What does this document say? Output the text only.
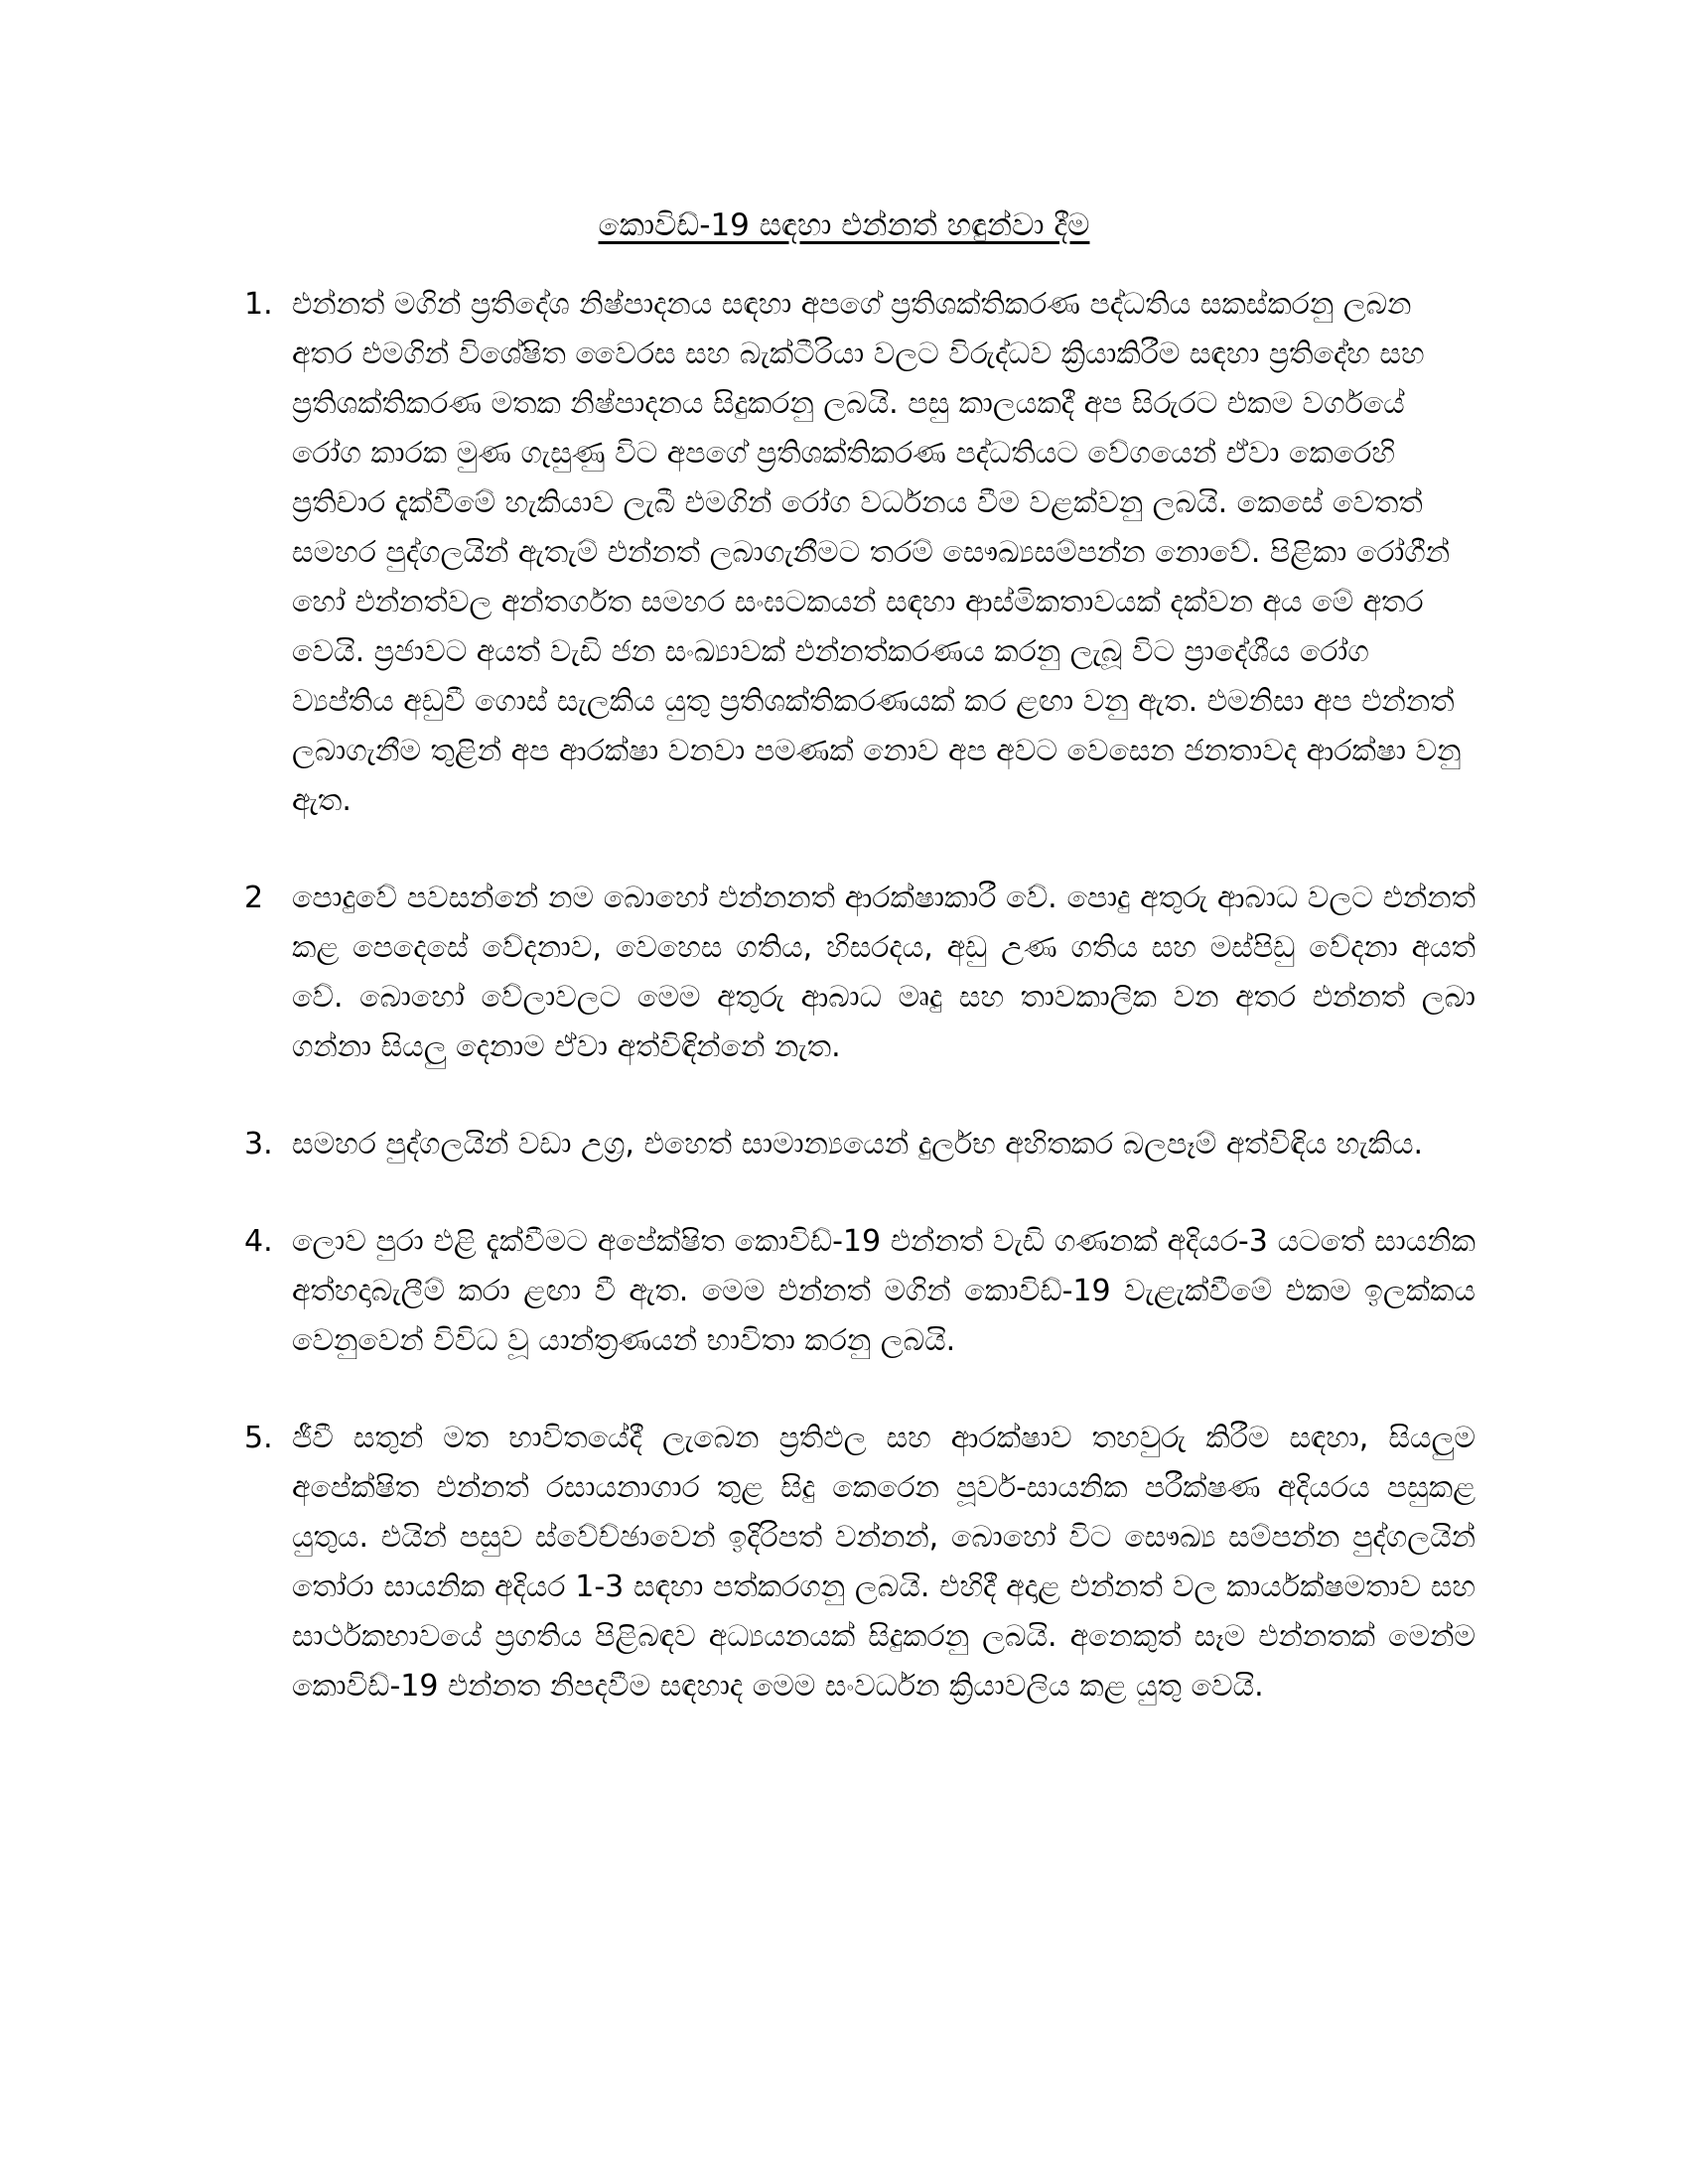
කොවිඩ්-19 සඳහා එන්නත් හඳුන්වා දීම
1. එන්නත් මගින් ප්‍රතිදේශ නිෂ්පාදනය සඳහා අපගේ ප්‍රතිශක්තිකරණ පද්ධතිය සකස්කරනු ලබන අතර එමගින් විශේෂිත වෛරස සහ බැක්ටීරියා වලට විරුද්ධව ක්‍රියාකිරීම සඳහා ප්‍රතිදේහ සහ ප්‍රතිශක්තිකරණ මතක නිෂ්පාදනය සිදුකරනු ලබයි. පසු කාලයකදී අප සිරුරට එකම වර්ගයේ රෝග කාරක මුණ ගැසුණු විට අපගේ ප්‍රතිශක්තිකරණ පද්ධතියට වේගයෙන් ඒවා කෙරෙහි ප්‍රතිචාර දැක්වීමේ හැකියාව ලැබී එමගින් රෝග වර්ධනය වීම වළක්වනු ලබයි. කෙසේ වෙතත් සමහර පුද්ගලයින් ඇතැම් එන්නත් ලබාගැනීමට තරම් සෞඛ්‍යසම්පන්න නොවේ. පිළිකා රෝගීන් හෝ එන්නත්වල අන්තර්ගත සමහර සංඝටකයන් සඳහා ආස්මිකතාවයක් දක්වන අය මේ අතර වෙයි. ප්‍රජාවට අයත් වැඩි ජන සංඛ්‍යාවක් එන්නත්කරණය කරනු ලැබූ විට ප්‍රාදේශීය රෝග ව්‍යප්තිය අඩුවී ගොස් සැලකිය යුතු ප්‍රතිශක්තිකරණයක් කර ළඟා වනු ඇත. එමනිසා අප එන්නත් ලබාගැනීම තුළින් අප ආරක්ෂා වනවා පමණක් නොව අප අවට වෙසෙන ජනතාවද ආරක්ෂා වනු ඇත.
2 පොදුවේ පවසන්නේ නම බොහෝ එන්නනත් ආරක්ෂාකාරී වේ. පොදු අතුරු ආබාධ වලට එන්නත් කළ පෙදෙසේ වේදනාව, වෙහෙස ගතිය, හිසරදය, අඩු උණ ගතිය සහ මස්පිඩු වේදනා අයත් වේ. බොහෝ වේලාවලට මෙම අතුරු ආබාධ මෘදු සහ තාවකාලික වන අතර එන්නත් ලබා ගන්නා සියලු දෙනාම ඒවා අත්විඳින්නේ නැත.
3. සමහර පුද්ගලයින් වඩා උග්‍ර, එහෙත් සාමාන්‍යයෙන් දුර්ලභ අහිතකර බලපෑම් අත්විඳිය හැකිය.
4. ලොව පුරා එළි දැක්වීමට අපේක්ෂිත කොවිඩ්-19 එන්නත් වැඩි ගණනක් අදියර-3 යටතේ සායනික අත්හදාබැලීම් කරා ළඟා වී ඇත. මෙම එන්නත් මගින් කොවිඩ්-19 වැළැක්වීමේ එකම ඉලක්කය වෙනුවෙන් විවිධ වූ යාන්ත්‍රණයන් භාවිතා කරනු ලබයි.
5. ජීවී සතුන් මත භාවිතයේදී ලැබෙන ප්‍රතිඵල සහ ආරක්ෂාව තහවුරු කිරීම සඳහා, සියලුම අපේක්ෂිත එන්නත් රසායනාගාර තුළ සිදු කෙරෙන පූර්ව-සායනික පරීක්ෂණ අදියරය පසුකළ යුතුය. එයින් පසුව ස්වේච්ඡාවෙන් ඉදිරිපත් වන්නන්, බොහෝ විට සෞඛ්‍ය සම්පන්න පුද්ගලයින් තෝරා සායනික අදියර 1-3 සඳහා පත්කරගනු ලබයි. එහිදී අදාළ එන්නත් වල කාර්යක්ෂමතාව සහ සාර්ථකභාවයේ ප්‍රගතිය පිළිබඳව අධ්‍යයනයක් සිදුකරනු ලබයි. අනෙකුත් සෑම එන්නතක් මෙන්ම කොවිඩ්-19 එන්නත නිපදවීම සඳහාද මෙම සංවර්ධන ක්‍රියාවලිය කළ යුතු වෙයි.
